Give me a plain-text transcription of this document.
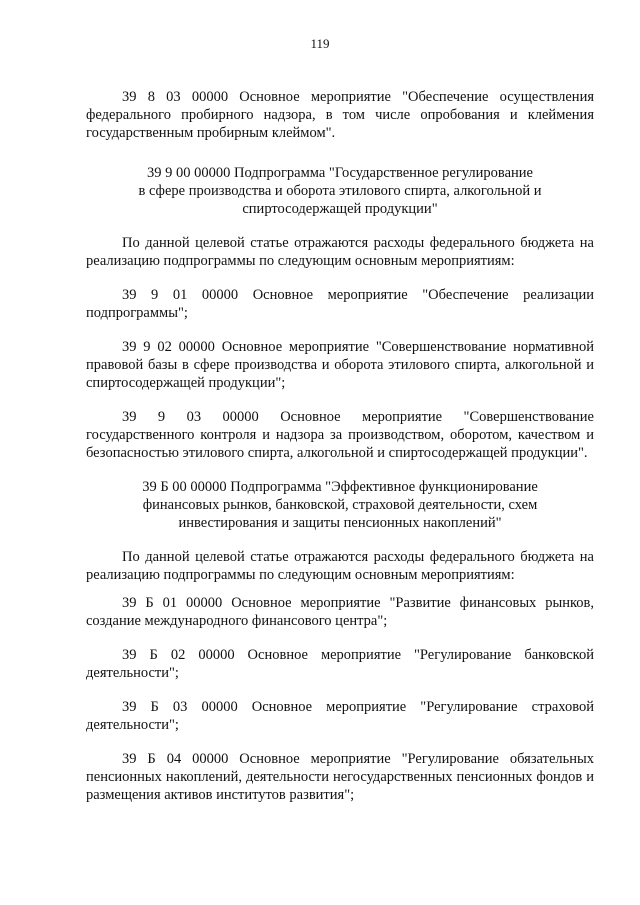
119

39 8 03 00000 Основное мероприятие "Обеспечение осуществления федерального пробирного надзора, в том числе опробования и клеймения государственным пробирным клеймом".

39 9 00 00000 Подпрограмма "Государственное регулирование
в сфере производства и оборота этилового спирта, алкогольной и
спиртосодержащей продукции"

По данной целевой статье отражаются расходы федерального бюджета на реализацию подпрограммы по следующим основным мероприятиям:

39 9 01 00000 Основное мероприятие "Обеспечение реализации подпрограммы";

39 9 02 00000 Основное мероприятие "Совершенствование нормативной правовой базы в сфере производства и оборота этилового спирта, алкогольной и спиртосодержащей продукции";

39 9 03 00000 Основное мероприятие "Совершенствование государственного контроля и надзора за производством, оборотом, качеством и безопасностью этилового спирта, алкогольной и спиртосодержащей продукции".

39 Б 00 00000 Подпрограмма "Эффективное функционирование
финансовых рынков, банковской, страховой деятельности, схем
инвестирования и защиты пенсионных накоплений"

По данной целевой статье отражаются расходы федерального бюджета на реализацию подпрограммы по следующим основным мероприятиям:

39 Б 01 00000 Основное мероприятие "Развитие финансовых рынков, создание международного финансового центра";

39 Б 02 00000 Основное мероприятие "Регулирование банковской деятельности";

39 Б 03 00000 Основное мероприятие "Регулирование страховой деятельности";

39 Б 04 00000 Основное мероприятие "Регулирование обязательных пенсионных накоплений, деятельности негосударственных пенсионных фондов и размещения активов институтов развития";
